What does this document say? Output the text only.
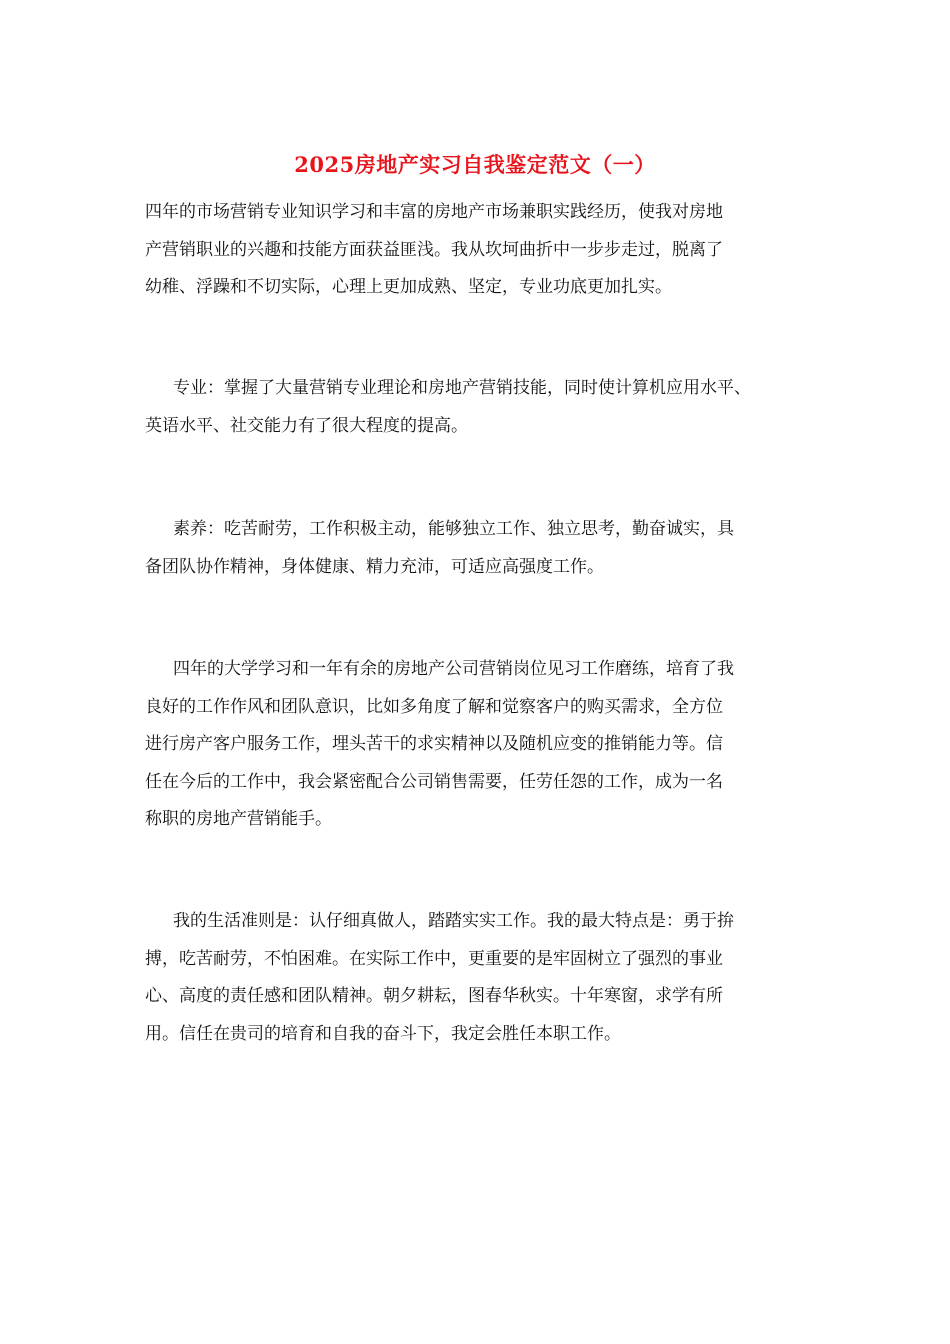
2025房地产实习自我鉴定范文（一）
四年的市场营销专业知识学习和丰富的房地产市场兼职实践经历，使我对房地
产营销职业的兴趣和技能方面获益匪浅。我从坎坷曲折中一步步走过，脱离了
幼稚、浮躁和不切实际，心理上更加成熟、坚定，专业功底更加扎实。
专业：掌握了大量营销专业理论和房地产营销技能，同时使计算机应用水平、
英语水平、社交能力有了很大程度的提高。
素养：吃苦耐劳，工作积极主动，能够独立工作、独立思考，勤奋诚实，具
备团队协作精神，身体健康、精力充沛，可适应高强度工作。
四年的大学学习和一年有余的房地产公司营销岗位见习工作磨练，培育了我
良好的工作作风和团队意识，比如多角度了解和觉察客户的购买需求，全方位
进行房产客户服务工作，埋头苦干的求实精神以及随机应变的推销能力等。信
任在今后的工作中，我会紧密配合公司销售需要，任劳任怨的工作，成为一名
称职的房地产营销能手。
我的生活准则是：认仔细真做人，踏踏实实工作。我的最大特点是：勇于拚
搏，吃苦耐劳，不怕困难。在实际工作中，更重要的是牢固树立了强烈的事业
心、高度的责任感和团队精神。朝夕耕耘，图春华秋实。十年寒窗，求学有所
用。信任在贵司的培育和自我的奋斗下，我定会胜任本职工作。
